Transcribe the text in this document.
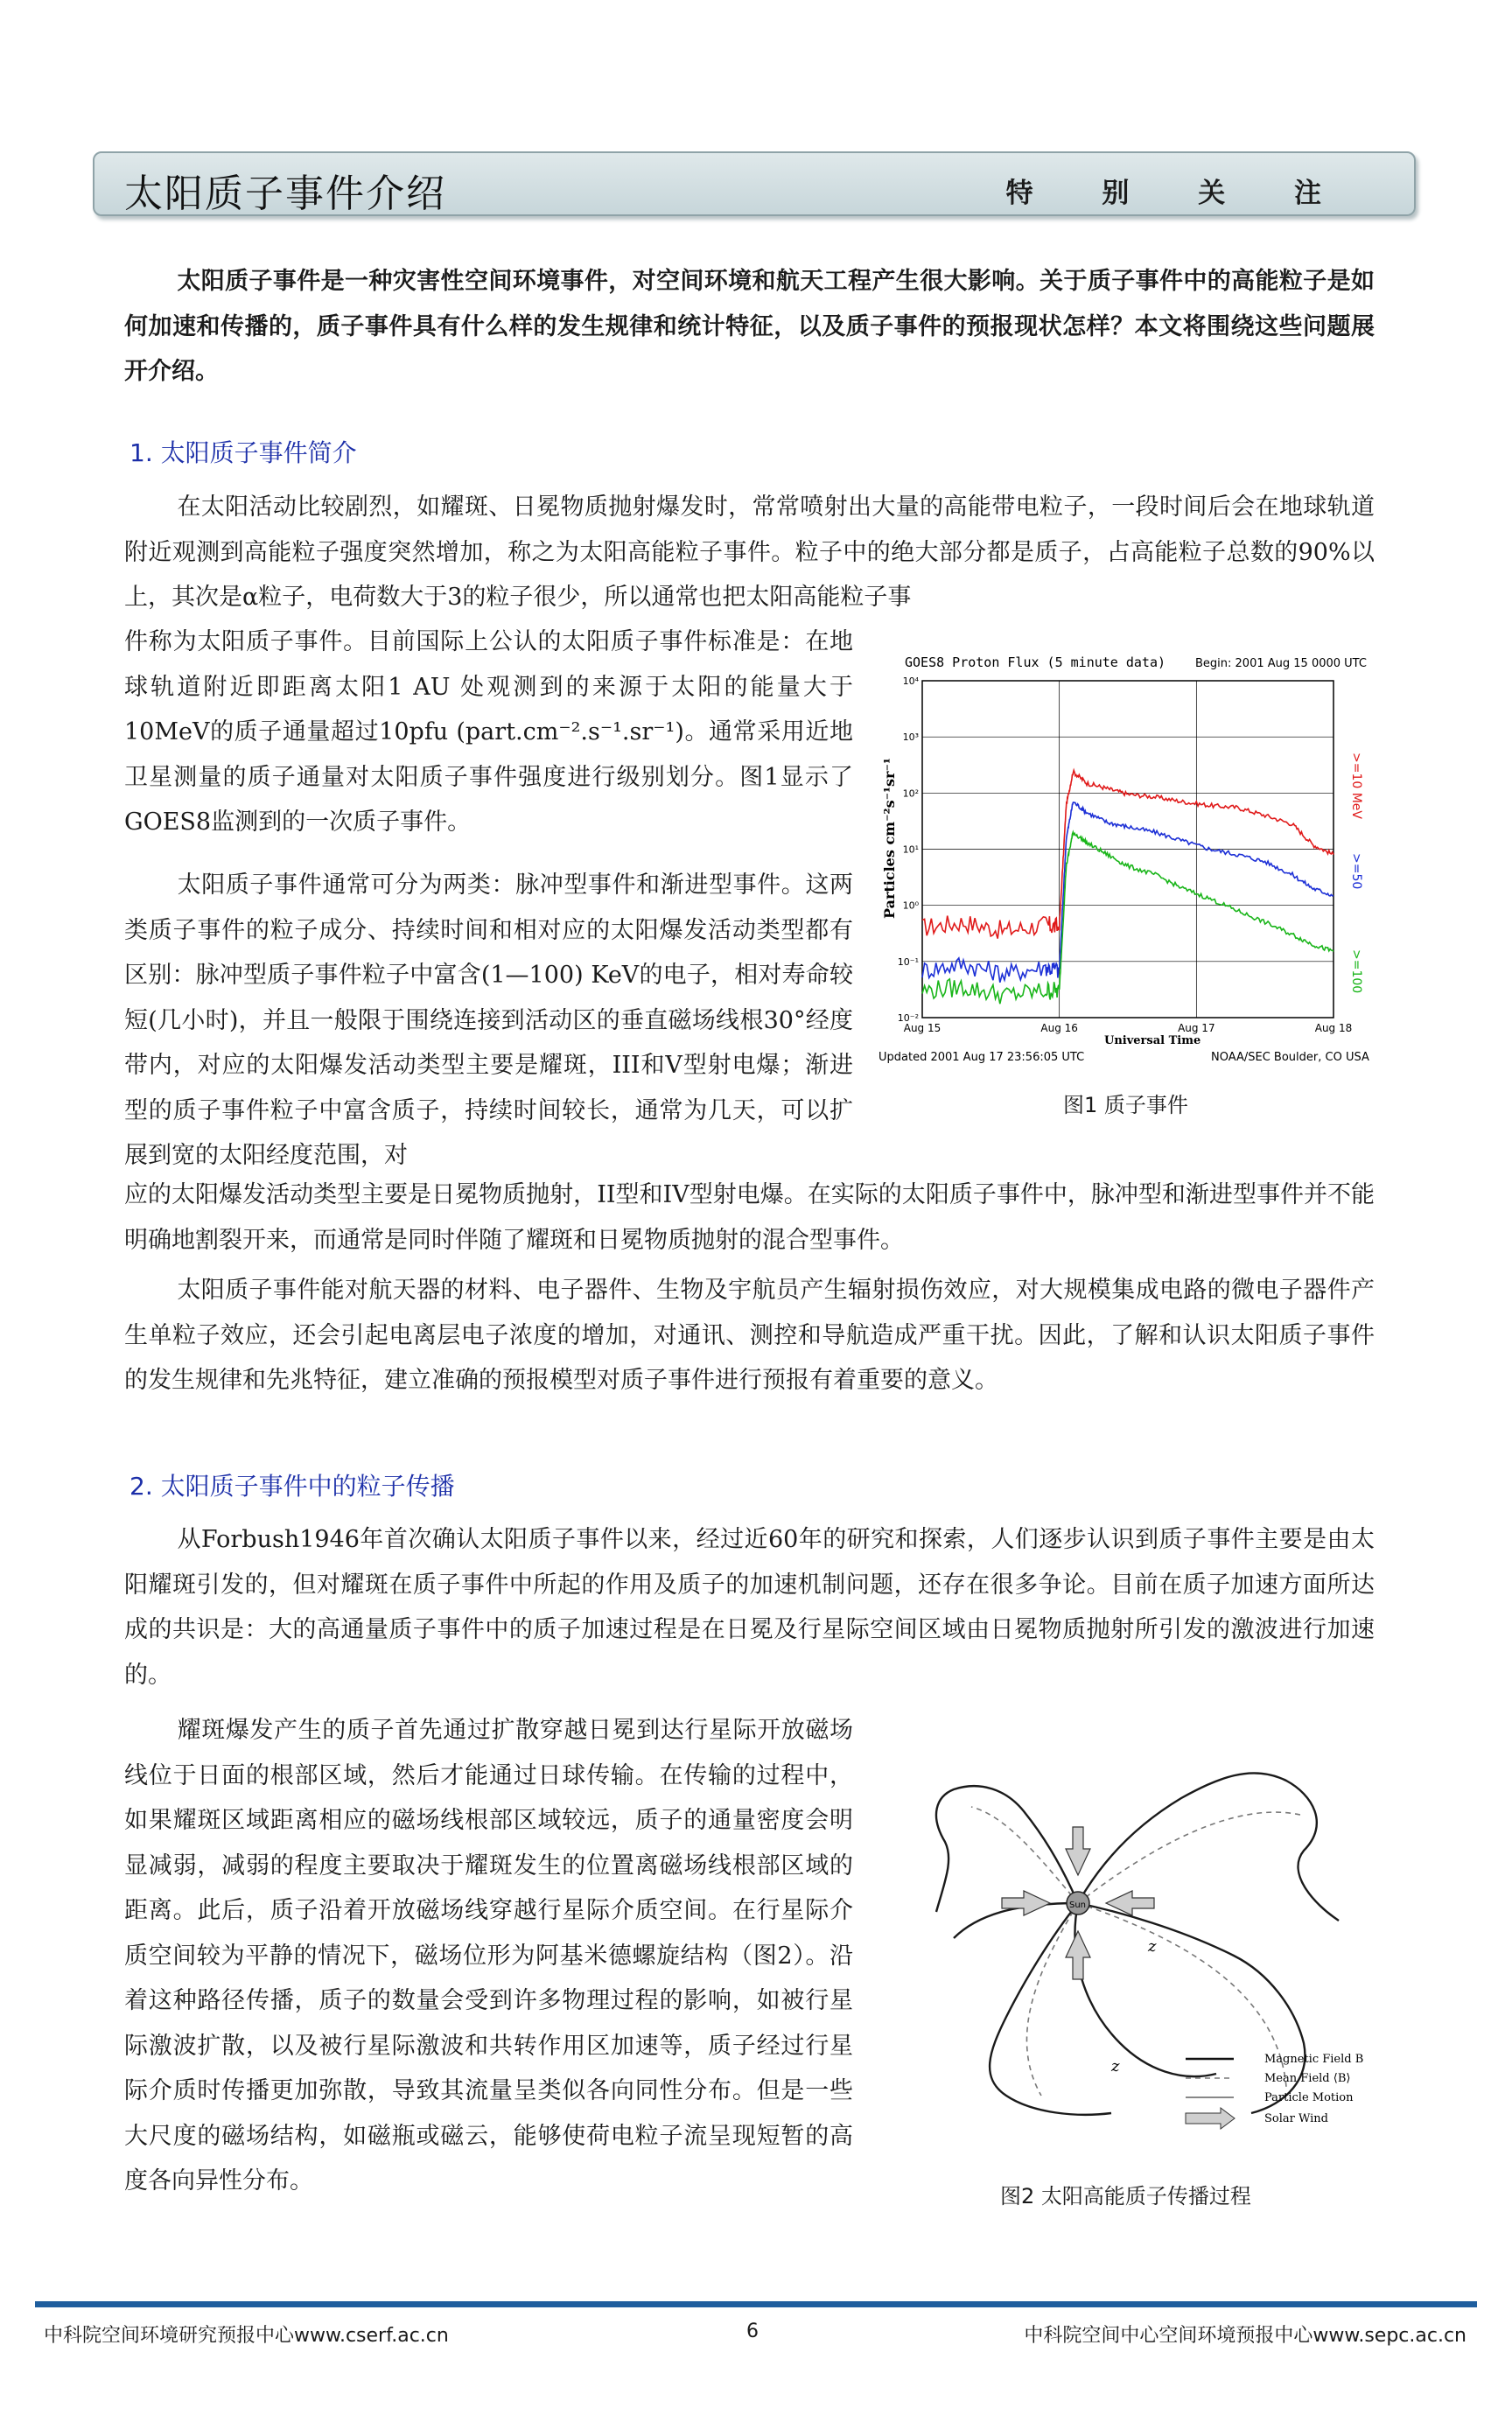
太阳质子事件介绍	特 别 关 注

太阳质子事件是一种灾害性空间环境事件，对空间环境和航天工程产生很大影响。关于质子事件中的高能粒子是如何加速和传播的，质子事件具有什么样的发生规律和统计特征，以及质子事件的预报现状怎样？本文将围绕这些问题展开介绍。

1. 太阳质子事件简介

在太阳活动比较剧烈，如耀斑、日冕物质抛射爆发时，常常喷射出大量的高能带电粒子，一段时间后会在地球轨道附近观测到高能粒子强度突然增加，称之为太阳高能粒子事件。粒子中的绝大部分都是质子，占高能粒子总数的90%以上，其次是α粒子，电荷数大于3的粒子很少，所以通常也把太阳高能粒子事

件称为太阳质子事件。目前国际上公认的太阳质子事件标准是：在地球轨道附近即距离太阳1 AU 处观测到的来源于太阳的能量大于10MeV的质子通量超过10pfu (part.cm⁻².s⁻¹.sr⁻¹)。通常采用近地卫星测量的质子通量对太阳质子事件强度进行级别划分。图1显示了GOES8监测到的一次质子事件。

太阳质子事件通常可分为两类：脉冲型事件和渐进型事件。这两类质子事件的粒子成分、持续时间和相对应的太阳爆发活动类型都有区别：脉冲型质子事件粒子中富含(1—100) KeV的电子，相对寿命较短(几小时)，并且一般限于围绕连接到活动区的垂直磁场线根30°经度带内，对应的太阳爆发活动类型主要是耀斑，III和V型射电爆；渐进型的质子事件粒子中富含质子，持续时间较长，通常为几天，可以扩展到宽的太阳经度范围，对

应的太阳爆发活动类型主要是日冕物质抛射，II型和IV型射电爆。在实际的太阳质子事件中，脉冲型和渐进型事件并不能明确地割裂开来，而通常是同时伴随了耀斑和日冕物质抛射的混合型事件。

太阳质子事件能对航天器的材料、电子器件、生物及宇航员产生辐射损伤效应，对大规模集成电路的微电子器件产生单粒子效应，还会引起电离层电子浓度的增加，对通讯、测控和导航造成严重干扰。因此，了解和认识太阳质子事件的发生规律和先兆特征，建立准确的预报模型对质子事件进行预报有着重要的意义。

GOES8 Proton Flux (5 minute data)	Begin: 2001 Aug 15 0000 UTC
10⁴
10³
10²
10¹
10⁰
10⁻¹
10⁻²
Aug 15	Aug 16	Aug 17	Aug 18
>=10 MeV
>=50
>=100
Universal Time
Updated 2001 Aug 17 23:56:05 UTC	NOAA/SEC Boulder, CO USA
Particles cm⁻²s⁻¹sr⁻¹
图1 质子事件
2. 太阳质子事件中的粒子传播

从Forbush1946年首次确认太阳质子事件以来，经过近60年的研究和探索，人们逐步认识到质子事件主要是由太阳耀斑引发的，但对耀斑在质子事件中所起的作用及质子的加速机制问题，还存在很多争论。目前在质子加速方面所达成的共识是：大的高通量质子事件中的质子加速过程是在日冕及行星际空间区域由日冕物质抛射所引发的激波进行加速的。

耀斑爆发产生的质子首先通过扩散穿越日冕到达行星际开放磁场线位于日面的根部区域，然后才能通过日球传输。在传输的过程中，如果耀斑区域距离相应的磁场线根部区域较远，质子的通量密度会明显减弱，减弱的程度主要取决于耀斑发生的位置离磁场线根部区域的距离。此后，质子沿着开放磁场线穿越行星际介质空间。在行星际介质空间较为平静的情况下，磁场位形为阿基米德螺旋结构（图2）。沿着这种路径传播，质子的数量会受到许多物理过程的影响，如被行星际激波扩散，以及被行星际激波和共转作用区加速等，质子经过行星际介质时传播更加弥散，导致其流量呈类似各向同性分布。但是一些大尺度的磁场结构，如磁瓶或磁云，能够使荷电粒子流呈现短暂的高度各向异性分布。

Sun
z
z	Magnetic Field B
Mean Field ⟨B⟩
Particle Motion
Solar Wind
图2 太阳高能质子传播过程
中科院空间环境研究预报中心www.cserf.ac.cn	6	中科院空间中心空间环境预报中心www.sepc.ac.cn
